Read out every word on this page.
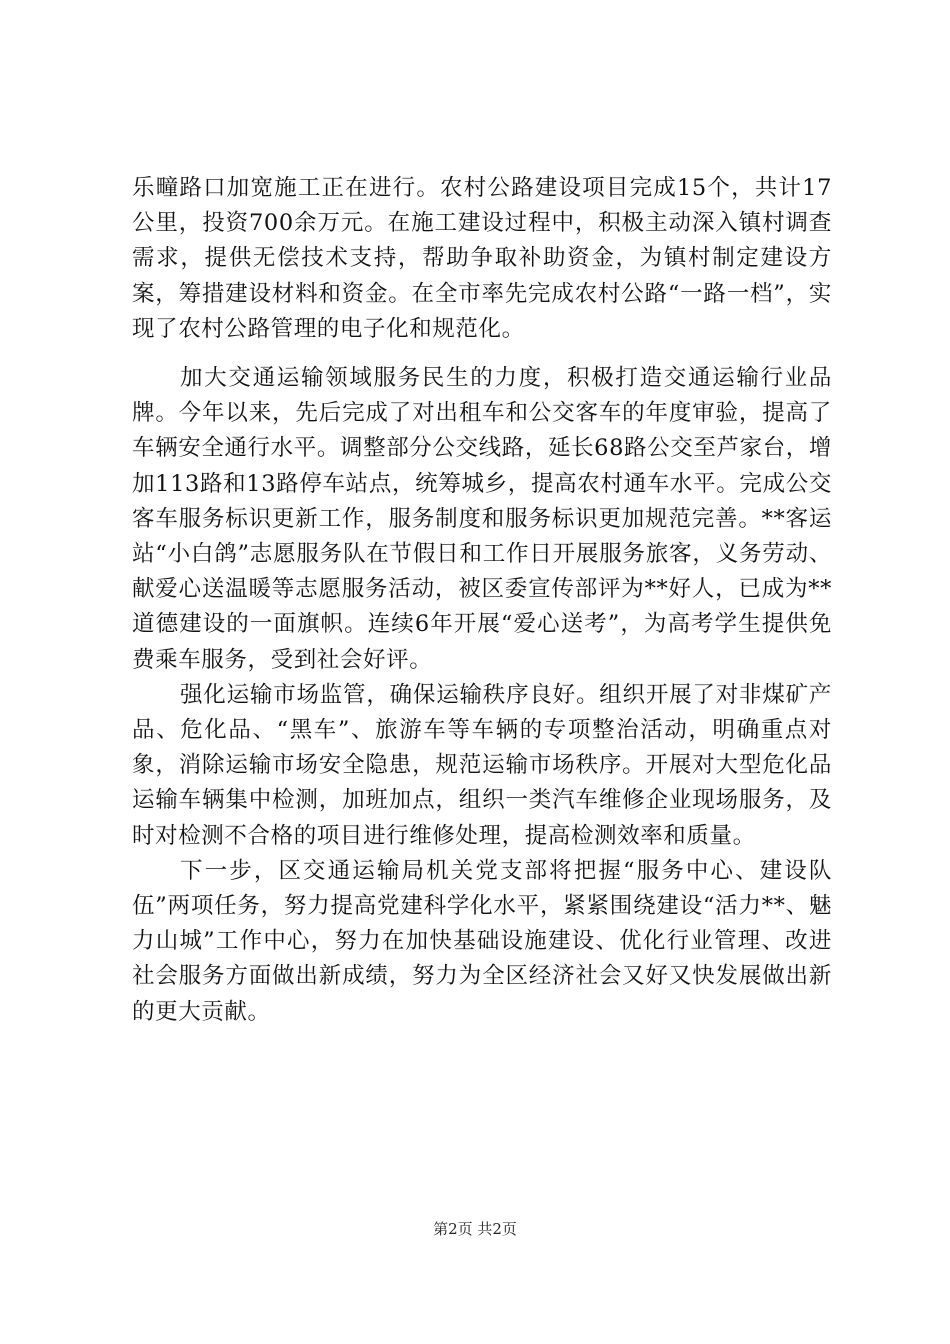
乐疃路口加宽施工正在进行。农村公路建设项目完成15个，共计17公里，投资700余万元。在施工建设过程中，积极主动深入镇村调查需求，提供无偿技术支持，帮助争取补助资金，为镇村制定建设方案，筹措建设材料和资金。在全市率先完成农村公路“一路一档”，实现了农村公路管理的电子化和规范化。

加大交通运输领域服务民生的力度，积极打造交通运输行业品牌。今年以来，先后完成了对出租车和公交客车的年度审验，提高了车辆安全通行水平。调整部分公交线路，延长68路公交至芦家台，增加113路和13路停车站点，统筹城乡，提高农村通车水平。完成公交客车服务标识更新工作，服务制度和服务标识更加规范完善。**客运站“小白鸽”志愿服务队在节假日和工作日开展服务旅客，义务劳动、献爱心送温暖等志愿服务活动，被区委宣传部评为**好人，已成为**道德建设的一面旗帜。连续6年开展“爱心送考”，为高考学生提供免费乘车服务，受到社会好评。

强化运输市场监管，确保运输秩序良好。组织开展了对非煤矿产品、危化品、“黑车”、旅游车等车辆的专项整治活动，明确重点对象，消除运输市场安全隐患，规范运输市场秩序。开展对大型危化品运输车辆集中检测，加班加点，组织一类汽车维修企业现场服务，及时对检测不合格的项目进行维修处理，提高检测效率和质量。

下一步，区交通运输局机关党支部将把握“服务中心、建设队伍”两项任务，努力提高党建科学化水平，紧紧围绕建设“活力**、魅力山城”工作中心，努力在加快基础设施建设、优化行业管理、改进社会服务方面做出新成绩，努力为全区经济社会又好又快发展做出新的更大贡献。

第2页 共2页
